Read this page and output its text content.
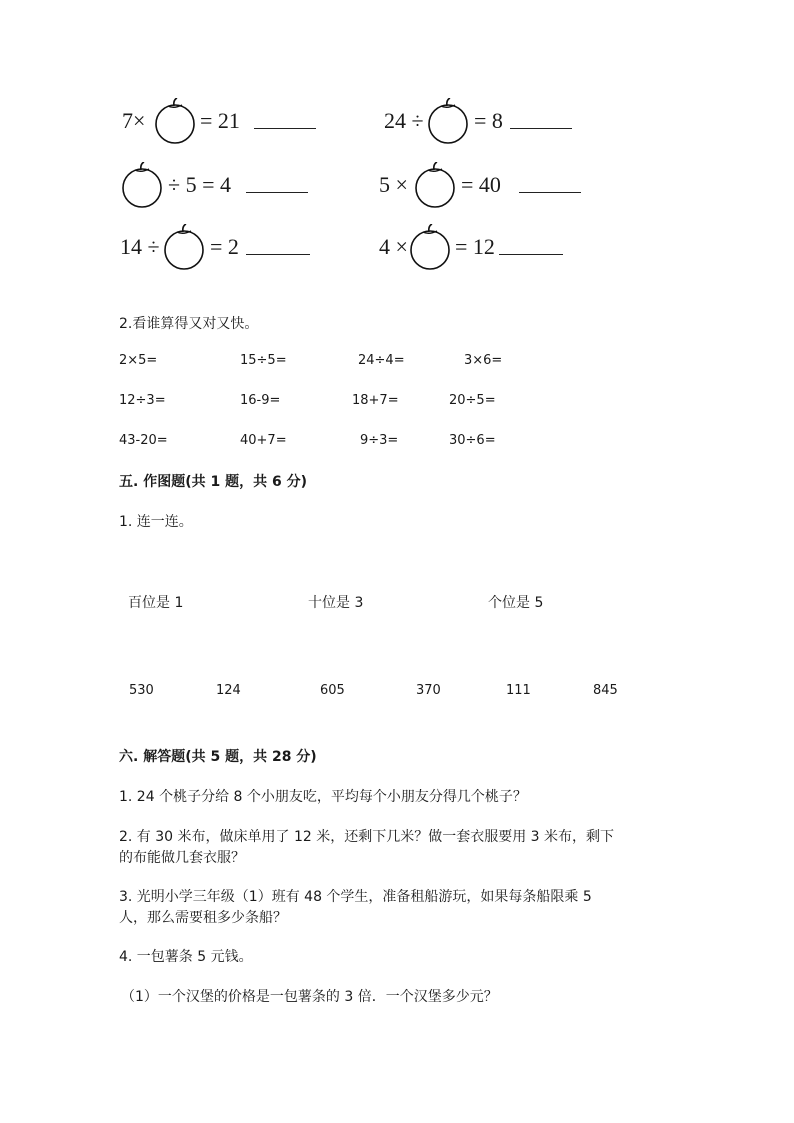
7× = 21	24 ÷ = 8
÷ 5 = 4	5 × = 40
14 ÷ = 2	4 × = 12
2.看谁算得又对又快。
2×5=	15÷5=	24÷4=	3×6=
12÷3=	16-9=	18+7=	20÷5=
43-20=	40+7=	9÷3=	30÷6=
五. 作图题(共 1 题，共 6 分)
1. 连一连。
百位是 1	十位是 3	个位是 5
530	124	605	370	111	845
六. 解答题(共 5 题，共 28 分)
1. 24 个桃子分给 8 个小朋友吃，平均每个小朋友分得几个桃子？
2. 有 30 米布，做床单用了 12 米，还剩下几米？做一套衣服要用 3 米布，剩下
的布能做几套衣服？
3. 光明小学三年级（1）班有 48 个学生，准备租船游玩，如果每条船限乘 5
人，那么需要租多少条船？
4. 一包薯条 5 元钱。
（1）一个汉堡的价格是一包薯条的 3 倍．一个汉堡多少元？
